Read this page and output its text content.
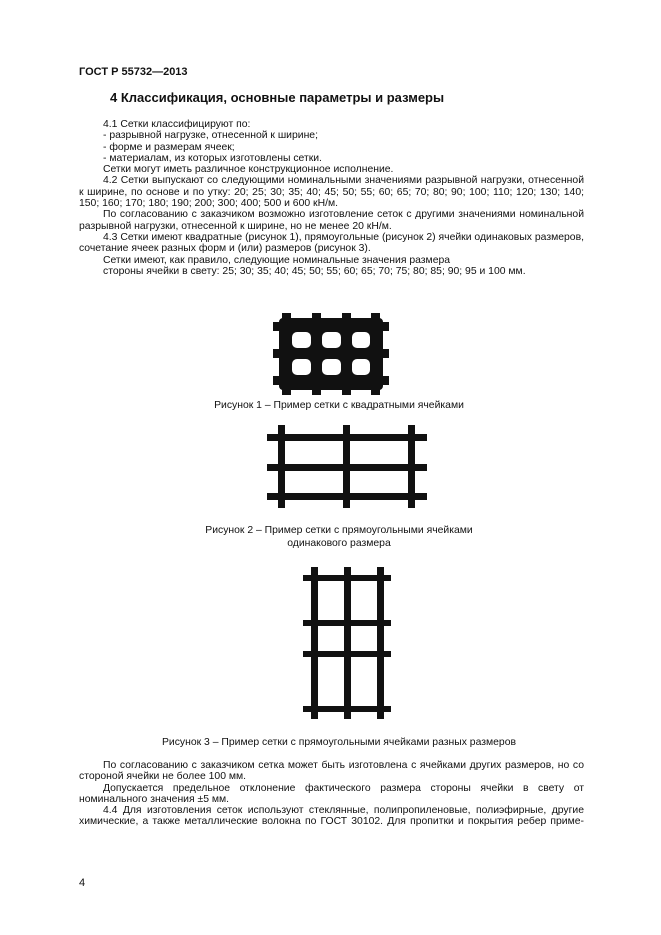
ГОСТ Р 55732—2013
4 Классификация, основные параметры и размеры

4.1 Сетки классифицируют по:

- разрывной нагрузке, отнесенной к ширине;

- форме и размерам ячеек;

- материалам, из которых изготовлены сетки.

Сетки могут иметь различное конструкционное исполнение.

4.2 Сетки выпускают со следующими номинальными значениями разрывной нагрузки, отнесенной к ширине, по основе и по утку: 20; 25; 30; 35; 40; 45; 50; 55; 60; 65; 70; 80; 90; 100; 110; 120; 130; 140; 150; 160; 170; 180; 190; 200; 300; 400; 500 и 600 кН/м.

По согласованию с заказчиком возможно изготовление сеток с другими значениями номинальной разрывной нагрузки, отнесенной к ширине, но не менее 20 кН/м.

4.3 Сетки имеют квадратные (рисунок 1), прямоугольные (рисунок 2) ячейки одинаковых размеров, сочетание ячеек разных форм и (или) размеров (рисунок 3).

Сетки имеют, как правило, следующие номинальные значения размера

стороны ячейки в свету: 25; 30; 35; 40; 45; 50; 55; 60; 65; 70; 75; 80; 85; 90; 95 и 100 мм.

Рисунок 1 – Пример сетки с квадратными ячейками
Рисунок 2 – Пример сетки с прямоугольными ячейками
одинакового размера
Рисунок 3 – Пример сетки с прямоугольными ячейками разных размеров

По согласованию с заказчиком сетка может быть изготовлена с ячейками других размеров, но со стороной ячейки не более 100 мм.

Допускается предельное отклонение фактического размера стороны ячейки в свету от номинального значения ±5 мм.

4.4 Для изготовления сеток используют стеклянные, полипропиленовые, полиэфирные, другие химические, а также металлические волокна по ГОСТ 30102. Для пропитки и покрытия ребер приме-

4
